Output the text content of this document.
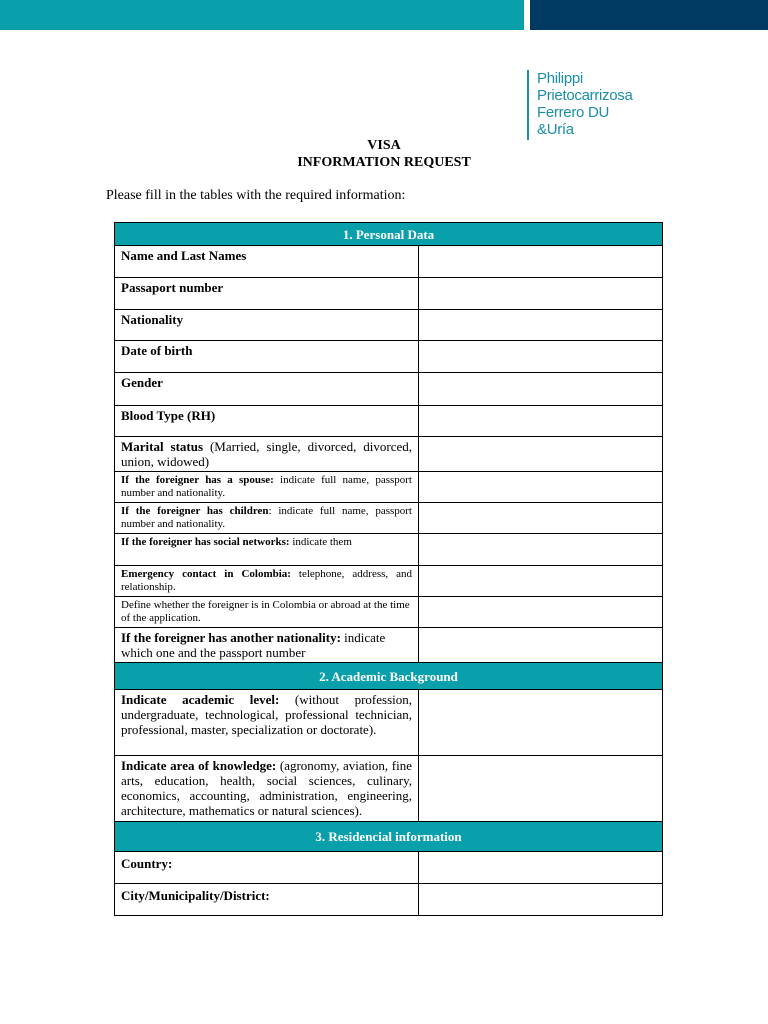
Philippi
Prietocarrizosa
Ferrero DU
&Uría
VISA
INFORMATION REQUEST
Please fill in the tables with the required information:
1. Personal Data	
Name and Last Names	
Passaport number	
Nationality	
Date of birth	
Gender	
Blood Type (RH)	
Marital status (Married, single, divorced, divorced, union, widowed)	
If the foreigner has a spouse: indicate full name, passport number and nationality.	
If the foreigner has children: indicate full name, passport number and nationality.	
If the foreigner has social networks: indicate them	
Emergency contact in Colombia: telephone, address, and relationship.	
Define whether the foreigner is in Colombia or abroad at the time of the application.	
If the foreigner has another nationality: indicate which one and the passport number	
2. Academic Background	
Indicate academic level: (without profession, undergraduate, technological, professional technician, professional, master, specialization or doctorate).	
Indicate area of knowledge: (agronomy, aviation, fine arts, education, health, social sciences, culinary, economics, accounting, administration, engineering, architecture, mathematics or natural sciences).	
3. Residencial information	
Country:	
City/Municipality/District:	
